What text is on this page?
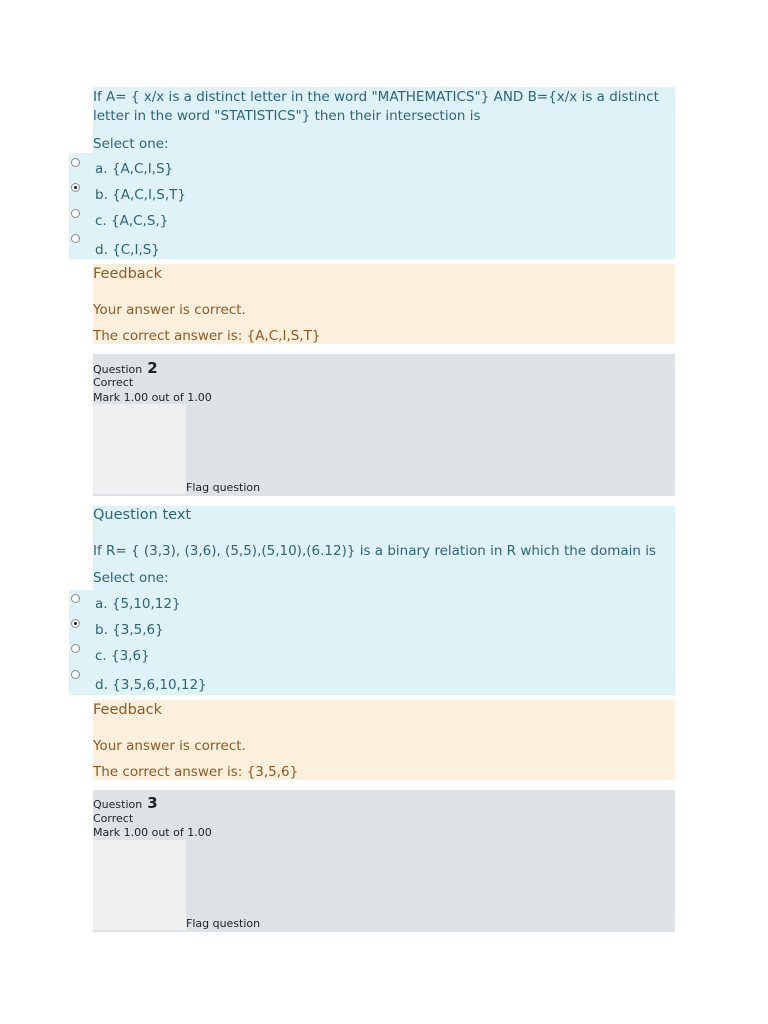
If A= { x/x is a distinct letter in the word "MATHEMATICS"} AND B={x/x is a distinct letter in the word "STATISTICS"} then their intersection is
Select one:
a. {A,C,I,S}
b. {A,C,I,S,T}
c. {A,C,S,}
d. {C,I,S}
Feedback
Your answer is correct.
The correct answer is: {A,C,I,S,T}
Question 2
Correct
Mark 1.00 out of 1.00
Flag question
Question text
If R= { (3,3), (3,6), (5,5),(5,10),(6.12)} is a binary relation in R which the domain is
Select one:
a. {5,10,12}
b. {3,5,6}
c. {3,6}
d. {3,5,6,10,12}
Feedback
Your answer is correct.
The correct answer is: {3,5,6}
Question 3
Correct
Mark 1.00 out of 1.00
Flag question
